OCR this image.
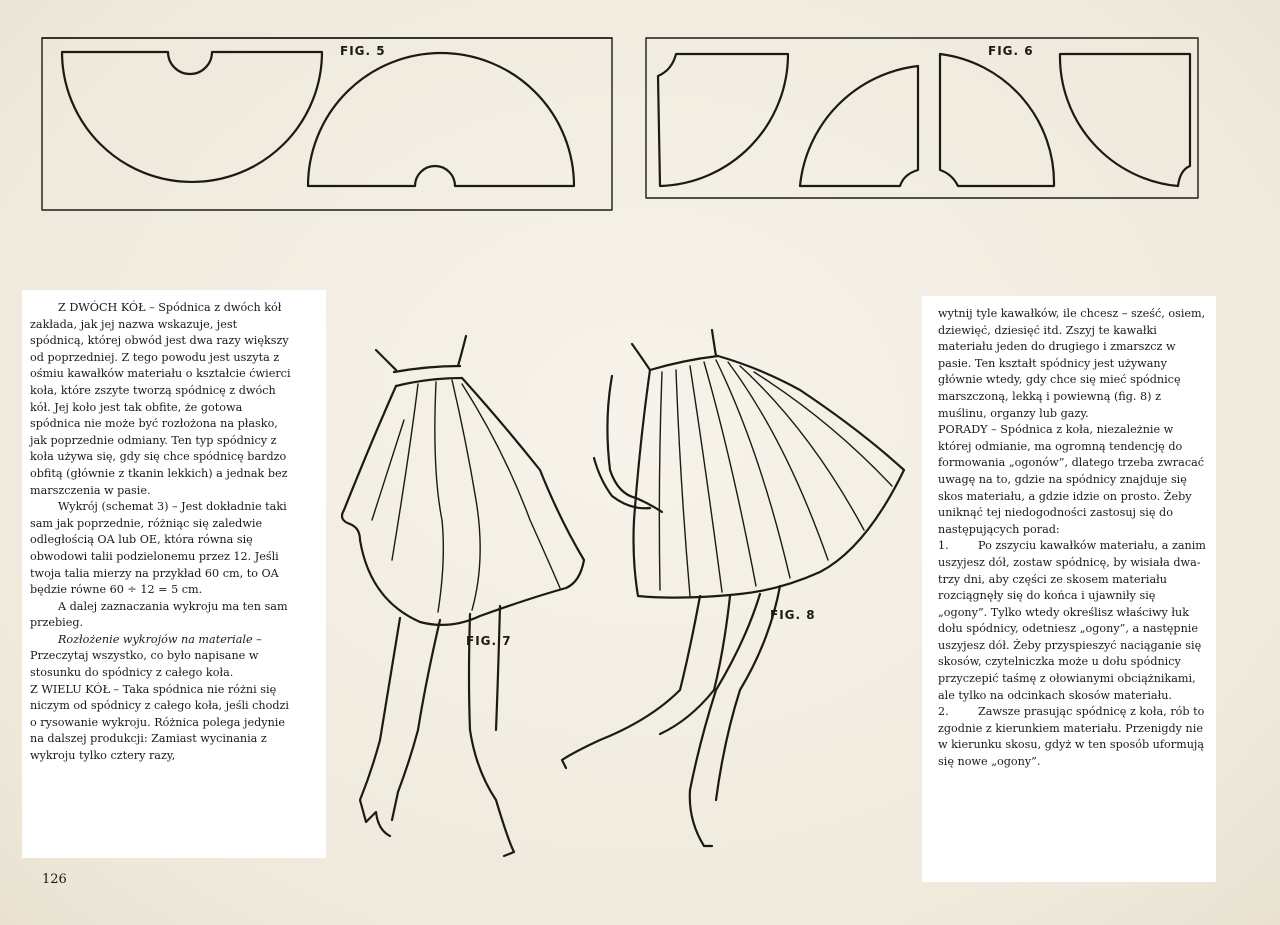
FIG. 5	FIG. 6

Z DWÓCH KÓŁ – Spódnica z dwóch kół zakłada, jak jej nazwa wskazuje, jest spódnicą, której obwód jest dwa razy większy od poprzedniej. Z tego powodu jest uszyta z ośmiu kawałków materiału o kształcie ćwierci koła, które zszyte tworzą spódnicę z dwóch kół. Jej koło jest tak obfite, że gotowa spódnica nie może być rozłożona na płasko, jak poprzednie odmiany. Ten typ spódnicy z koła używa się, gdy się chce spódnicę bardzo obfitą (głównie z tkanin lekkich) a jednak bez marszczenia w pasie.

Wykrój (schemat 3) – Jest dokładnie taki sam jak poprzednie, różniąc się zaledwie odległością OA lub OE, która równa się obwodowi talii podzielonemu przez 12. Jeśli twoja talia mierzy na przykład 60 cm, to OA będzie równe 60 ÷ 12 = 5 cm.

A dalej zaznaczania wykroju ma ten sam przebieg.

Rozłożenie wykrojów na materiale – Przeczytaj wszystko, co było napisane w stosunku do spódnicy z całego koła.

Z WIELU KÓŁ – Taka spódnica nie różni się niczym od spódnicy z całego koła, jeśli chodzi o rysowanie wykroju. Różnica polega jedynie na dalszej produkcji: Zamiast wycinania z wykroju tylko cztery razy,

wytnij tyle kawałków, ile chcesz – sześć, osiem, dziewięć, dziesięć itd. Zszyj te kawałki materiału jeden do drugiego i zmarszcz w pasie. Ten kształt spódnicy jest używany głównie wtedy, gdy chce się mieć spódnicę marszczoną, lekką i powiewną (fig. 8) z muślinu, organzy lub gazy.

PORADY – Spódnica z koła, niezależnie w której odmianie, ma ogromną tendencję do formowania „ogonów”, dlatego trzeba zwracać uwagę na to, gdzie na spódnicy znajduje się skos materiału, a gdzie idzie on prosto. Żeby uniknąć tej niedogodności zastosuj się do następujących porad:

1.	Po zszyciu kawałków materiału, a zanim uszyjesz dół, zostaw spódnicę, by wisiała dwa-trzy dni, aby części ze skosem materiału rozciągnęły się do końca i ujawniły się „ogony”. Tylko wtedy określisz właściwy łuk dołu spódnicy, odetniesz „ogony”, a następnie uszyjesz dół. Żeby przyspieszyć naciąganie się skosów, czytelniczka może u dołu spódnicy przyczepić taśmę z ołowianymi obciążnikami, ale tylko na odcinkach skosów materiału.

2.	Zawsze prasując spódnicę z koła, rób to zgodnie z kierunkiem materiału. Przenigdy nie w kierunku skosu, gdyż w ten sposób uformują się nowe „ogony”.

FIG. 7
FIG. 8
126
